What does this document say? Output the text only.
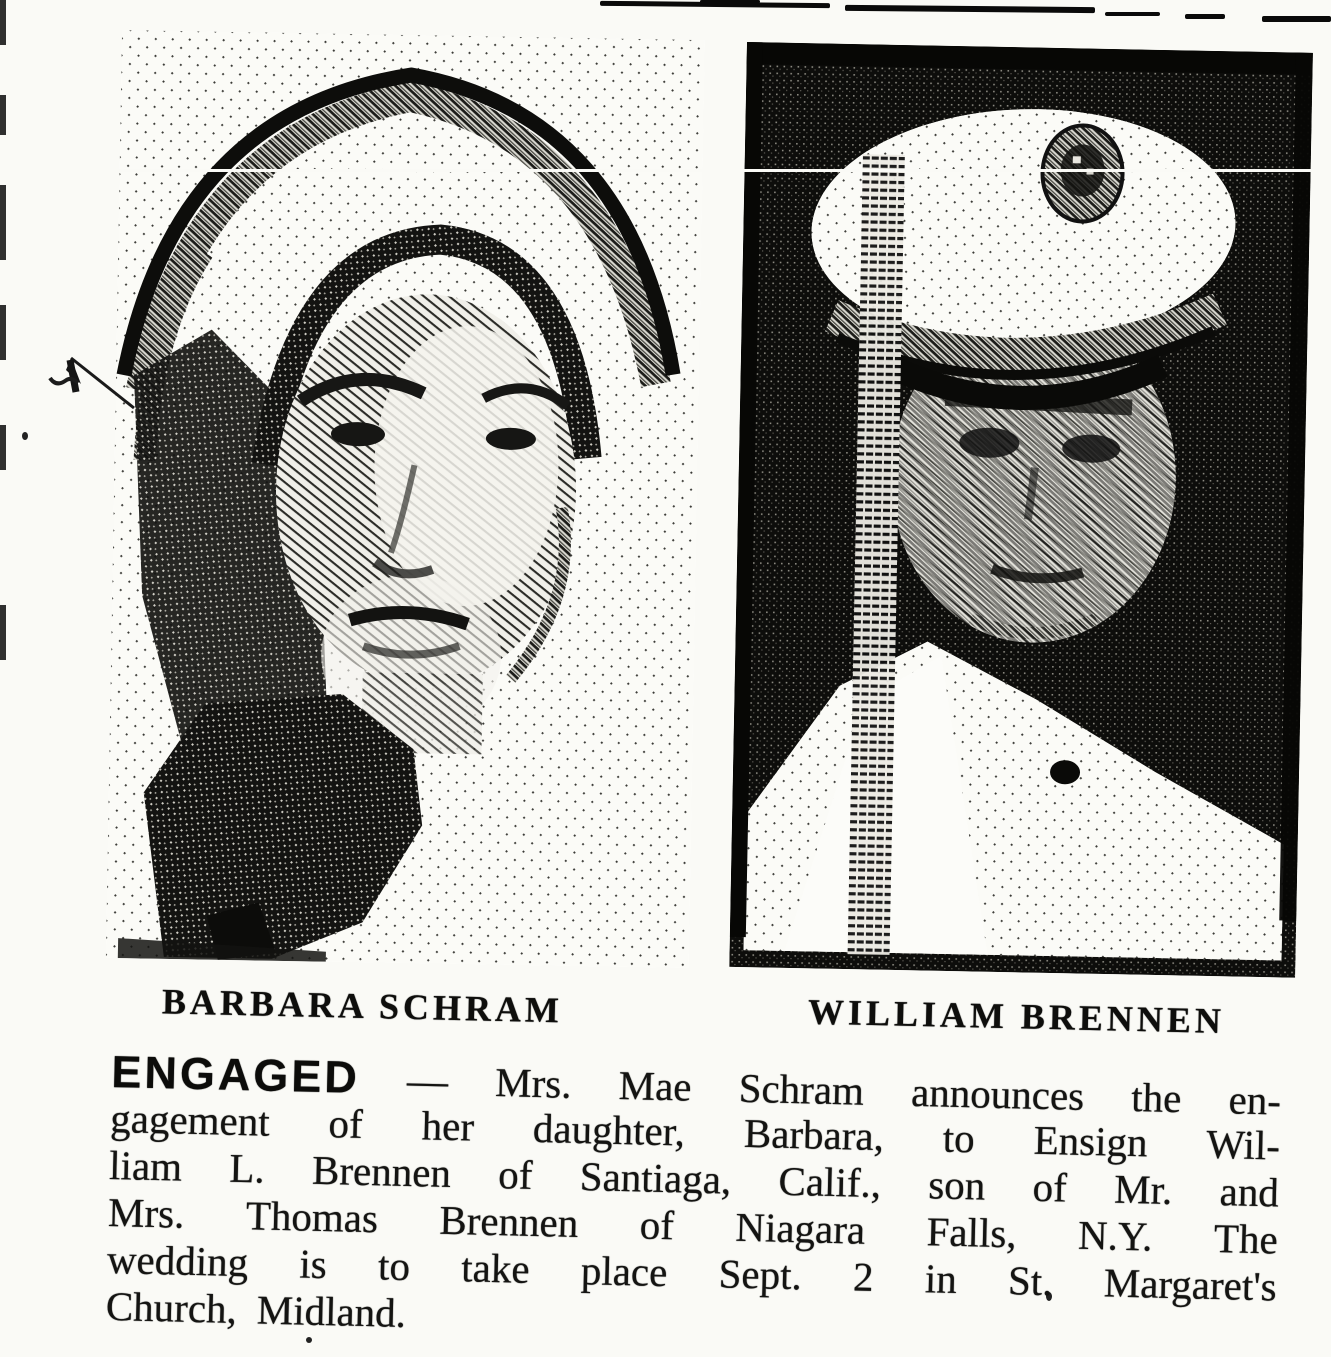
BARBARA SCHRAM	WILLIAM BRENNEN
ENGAGED — Mrs. Mae Schram announces the en-
gagement of her daughter, Barbara, to Ensign Wil-
liam L. Brennen of Santiaga, Calif., son of Mr. and
Mrs. Thomas Brennen of Niagara Falls, N.Y. The
wedding is to take place Sept. 2 in St. Margaret's
Church, Midland.
